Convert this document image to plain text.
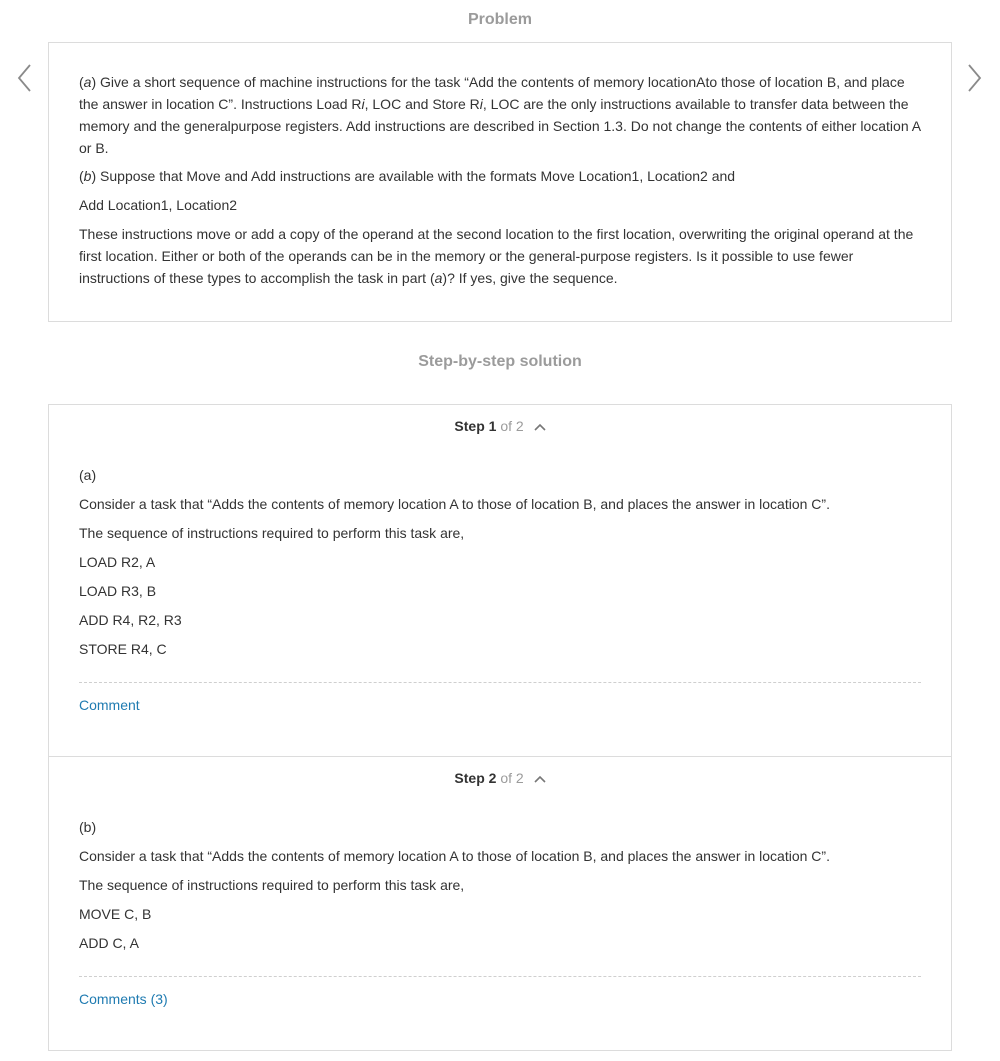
Problem
(a) Give a short sequence of machine instructions for the task “Add the contents of memory locationAto those of location B, and place the answer in location C”. Instructions Load Ri, LOC and Store Ri, LOC are the only instructions available to transfer data between the memory and the generalpurpose registers. Add instructions are described in Section 1.3. Do not change the contents of either location A or B.
(b) Suppose that Move and Add instructions are available with the formats Move Location1, Location2 and
Add Location1, Location2
These instructions move or add a copy of the operand at the second location to the first location, overwriting the original operand at the first location. Either or both of the operands can be in the memory or the general-purpose registers. Is it possible to use fewer instructions of these types to accomplish the task in part (a)? If yes, give the sequence.
Step-by-step solution
Step 1 of 2
(a)
Consider a task that “Adds the contents of memory location A to those of location B, and places the answer in location C”.
The sequence of instructions required to perform this task are,
LOAD R2, A
LOAD R3, B
ADD R4, R2, R3
STORE R4, C
Comment
Step 2 of 2
(b)
Consider a task that “Adds the contents of memory location A to those of location B, and places the answer in location C”.
The sequence of instructions required to perform this task are,
MOVE C, B
ADD C, A
Comments (3)
